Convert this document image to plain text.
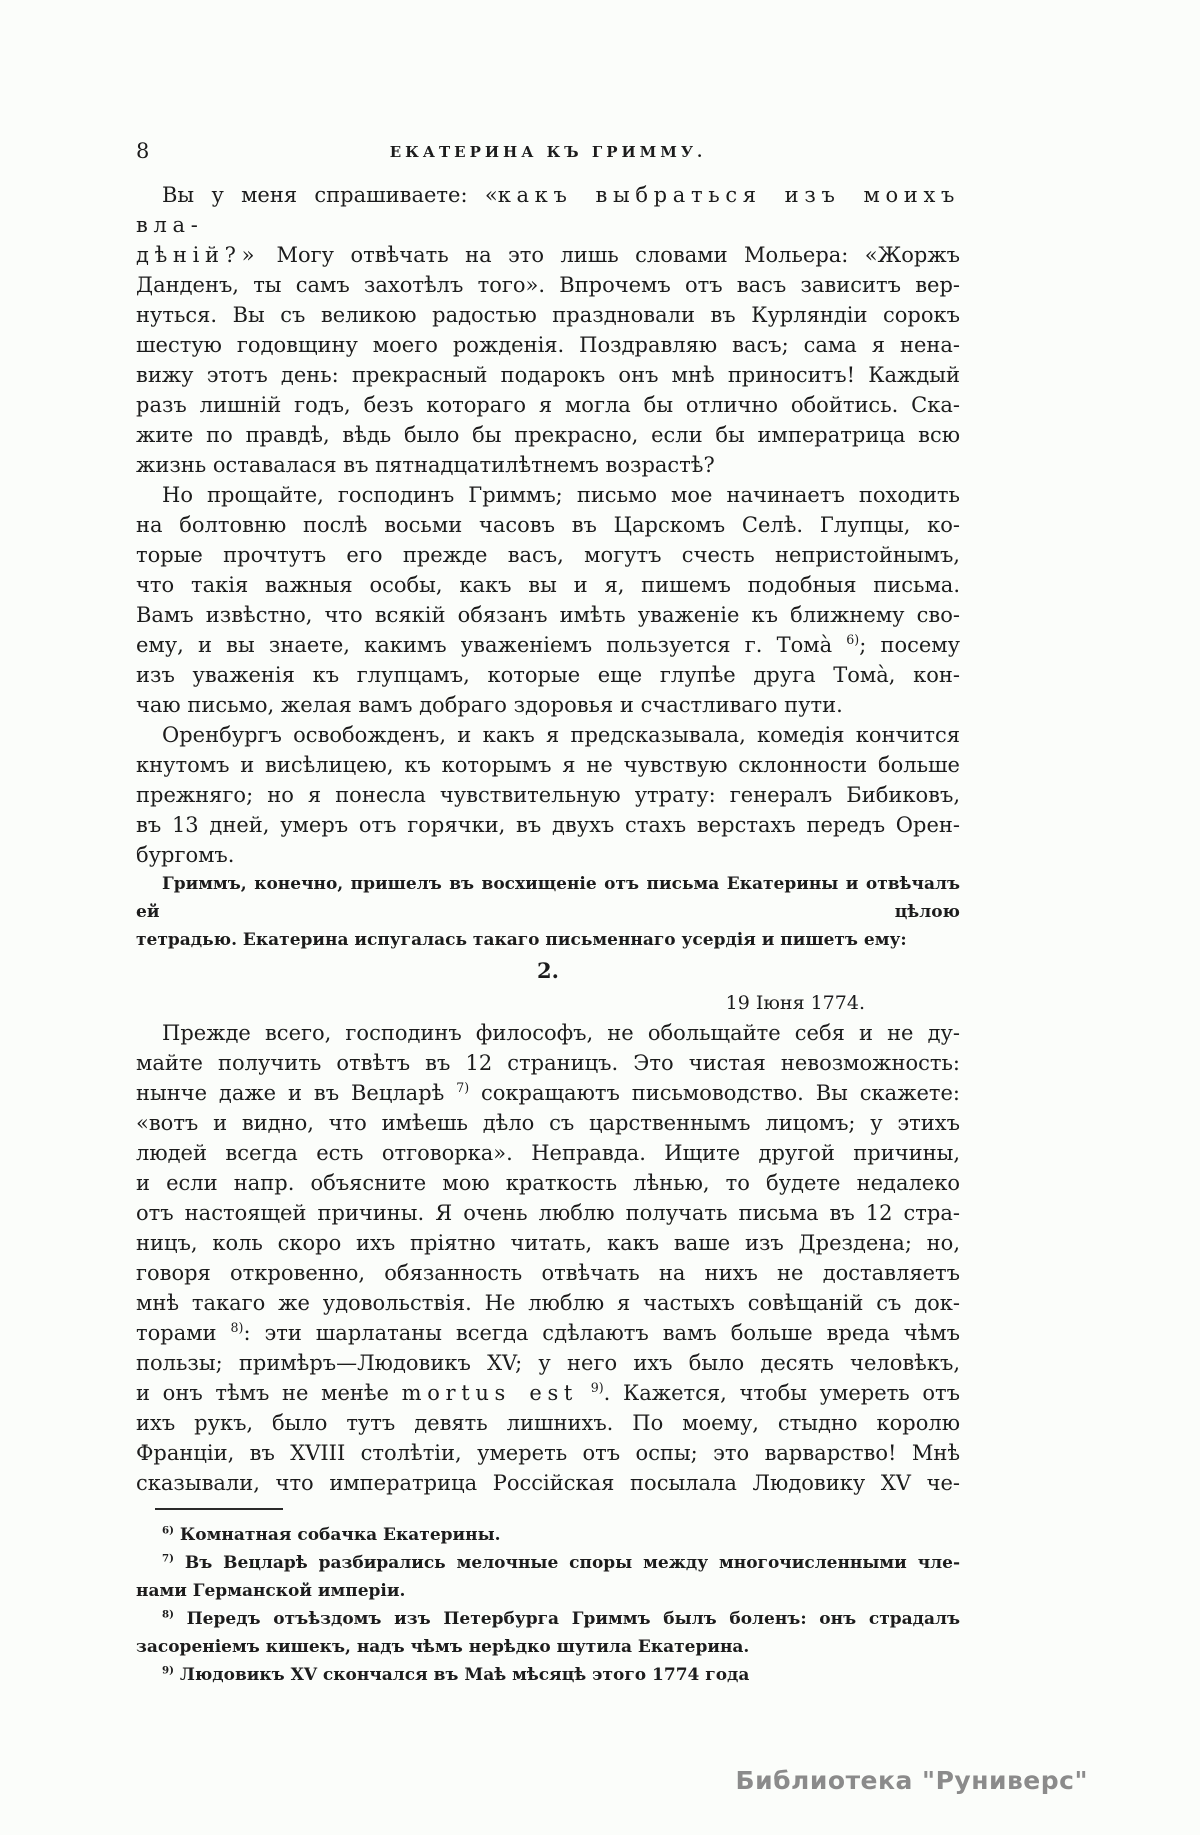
8	ЕКАТЕРИНА КЪ ГРИММУ.
Вы у меня спрашиваете: «какъ выбраться изъ моихъ вла-
дѣній?» Могу отвѣчать на это лишь словами Мольера: «Жоржъ
Данденъ, ты самъ захотѣлъ того». Впрочемъ отъ васъ зависитъ вер-
нуться. Вы съ великою радостью праздновали въ Курляндіи сорокъ
шестую годовщину моего рожденія. Поздравляю васъ; сама я нена-
вижу этотъ день: прекрасный подарокъ онъ мнѣ приноситъ! Каждый
разъ лишній годъ, безъ котораго я могла бы отлично обойтись. Ска-
жите по правдѣ, вѣдь было бы прекрасно, если бы императрица всю
жизнь оставалася въ пятнадцатилѣтнемъ возрастѣ?
Но прощайте, господинъ Гриммъ; письмо мое начинаетъ походить
на болтовню послѣ восьми часовъ въ Царскомъ Селѣ. Глупцы, ко-
торые прочтутъ его прежде васъ, могутъ счесть непристойнымъ,
что такія важныя особы, какъ вы и я, пишемъ подобныя письма.
Вамъ извѣстно, что всякій обязанъ имѣть уваженіе къ ближнему сво-
ему, и вы знаете, какимъ уваженіемъ пользуется г. Тома̀ $^{6)}$; посему
изъ уваженія къ глупцамъ, которые еще глупѣе друга Тома̀, кон-
чаю письмо, желая вамъ добраго здоровья и счастливаго пути.
Оренбургъ освобожденъ, и какъ я предсказывала, комедія кончится
кнутомъ и висѣлицею, къ которымъ я не чувствую склонности больше
прежняго; но я понесла чувствительную утрату: генералъ Бибиковъ,
въ 13 дней, умеръ отъ горячки, въ двухъ стахъ верстахъ передъ Орен-
бургомъ.
Гриммъ, конечно, пришелъ въ восхищеніе отъ письма Екатерины и отвѣчалъ ей цѣлою
тетрадью. Екатерина испугалась такаго письменнаго усердія и пишетъ ему:
2.
19 Іюня 1774.
Прежде всего, господинъ философъ, не обольщайте себя и не ду-
майте получить отвѣтъ въ 12 страницъ. Это чистая невозможность:
нынче даже и въ Вецларѣ $^{7)}$ сокращаютъ письмоводство. Вы скажете:
«вотъ и видно, что имѣешь дѣло съ царственнымъ лицомъ; у этихъ
людей всегда есть отговорка». Неправда. Ищите другой причины,
и если напр. объясните мою краткость лѣнью, то будете недалеко
отъ настоящей причины. Я очень люблю получать письма въ 12 стра-
ницъ, коль скоро ихъ пріятно читать, какъ ваше изъ Дрездена; но,
говоря откровенно, обязанность отвѣчать на нихъ не доставляетъ
мнѣ такаго же удовольствія. Не люблю я частыхъ совѣщаній съ док-
торами $^{8)}$: эти шарлатаны всегда сдѣлаютъ вамъ больше вреда чѣмъ
пользы; примѣръ—Людовикъ XV; у него ихъ было десять человѣкъ,
и онъ тѣмъ не менѣе mortus est $^{9)}$. Кажется, чтобы умереть отъ
ихъ рукъ, было тутъ девять лишнихъ. По моему, стыдно королю
Франціи, въ XVIII столѣтіи, умереть отъ оспы; это варварство! Мнѣ
сказывали, что императрица Россійская посылала Людовику XV че-
$^{6)}$ Комнатная собачка Екатерины.
$^{7)}$ Въ Вецларѣ разбирались мелочные споры между многочисленными чле-
нами Германской имперіи.
$^{8)}$ Передъ отъѣздомъ изъ Петербурга Гриммъ былъ боленъ: онъ страдалъ
засореніемъ кишекъ, надъ чѣмъ нерѣдко шутила Екатерина.
$^{9)}$ Людовикъ XV скончался въ Маѣ мѣсяцѣ этого 1774 года
Библиотека "Руниверс"
